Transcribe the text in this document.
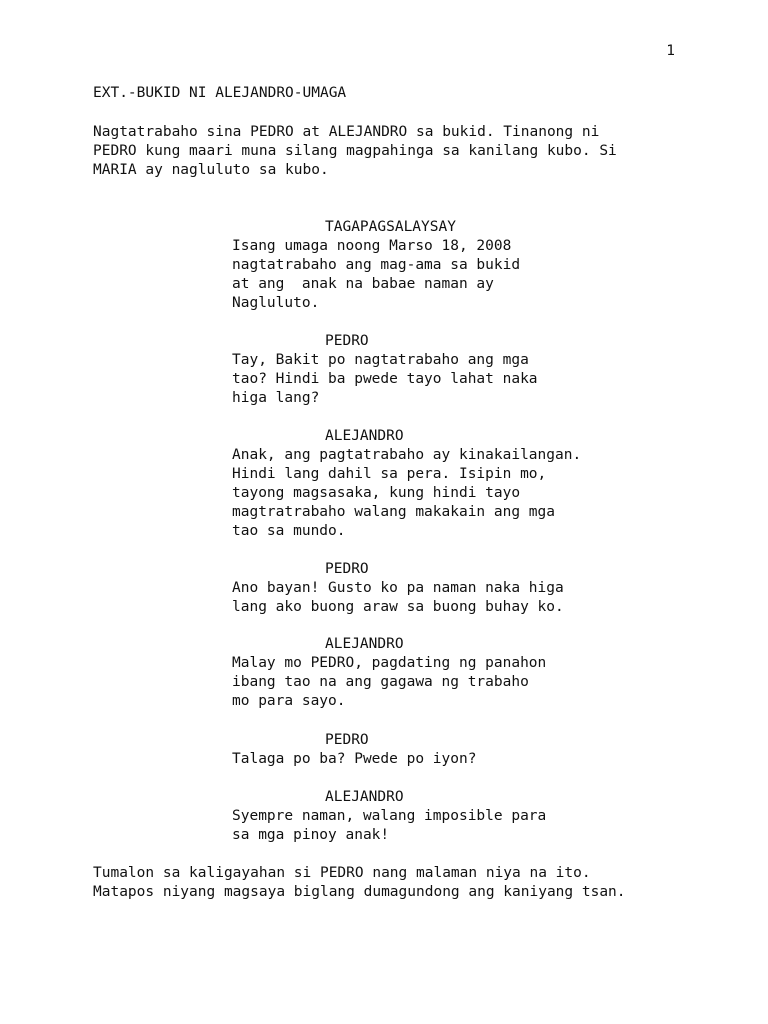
1
EXT.-BUKID NI ALEJANDRO-UMAGA
Nagtatrabaho sina PEDRO at ALEJANDRO sa bukid. Tinanong ni
PEDRO kung maari muna silang magpahinga sa kanilang kubo. Si
MARIA ay nagluluto sa kubo.
TAGAPAGSALAYSAY
Isang umaga noong Marso 18, 2008
nagtatrabaho ang mag-ama sa bukid
at ang  anak na babae naman ay
Nagluluto.
PEDRO
Tay, Bakit po nagtatrabaho ang mga
tao? Hindi ba pwede tayo lahat naka
higa lang?
ALEJANDRO
Anak, ang pagtatrabaho ay kinakailangan.
Hindi lang dahil sa pera. Isipin mo,
tayong magsasaka, kung hindi tayo
magtratrabaho walang makakain ang mga
tao sa mundo.
PEDRO
Ano bayan! Gusto ko pa naman naka higa
lang ako buong araw sa buong buhay ko.
ALEJANDRO
Malay mo PEDRO, pagdating ng panahon
ibang tao na ang gagawa ng trabaho
mo para sayo.
PEDRO
Talaga po ba? Pwede po iyon?
ALEJANDRO
Syempre naman, walang imposible para
sa mga pinoy anak!
Tumalon sa kaligayahan si PEDRO nang malaman niya na ito.
Matapos niyang magsaya biglang dumagundong ang kaniyang tsan.
